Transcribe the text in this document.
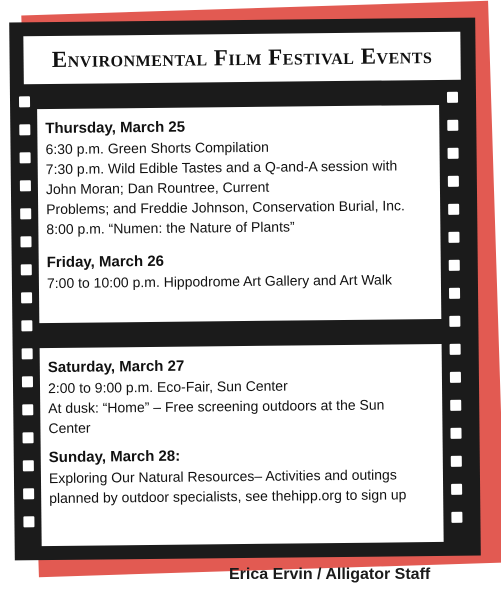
Environmental Film Festival Events
Thursday, March 25

6:30 p.m. Green Shorts Compilation

7:30 p.m. Wild Edible Tastes and a Q-and-A session with

John Moran; Dan Rountree, Current

Problems; and Freddie Johnson, Conservation Burial, Inc.

8:00 p.m. “Numen: the Nature of Plants”

Friday, March 26

7:00 to 10:00 p.m. Hippodrome Art Gallery and Art Walk

Saturday, March 27

2:00 to 9:00 p.m. Eco-Fair, Sun Center

At dusk: “Home” – Free screening outdoors at the Sun

Center

Sunday, March 28:

Exploring Our Natural Resources– Activities and outings

planned by outdoor specialists, see thehipp.org to sign up

Erica Ervin / Alligator Staff
